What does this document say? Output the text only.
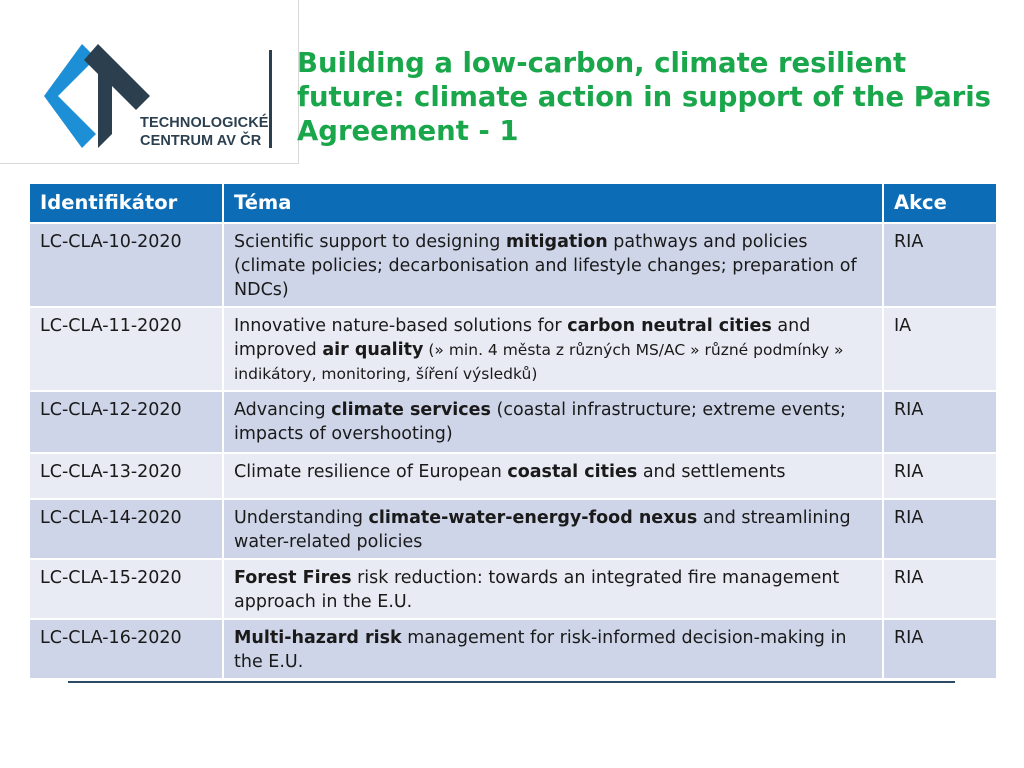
TECHNOLOGICKÉ
CENTRUM AV ČR
Building a low-carbon, climate resilient future: climate action in support of the Paris Agreement - 1
Identifikátor	Téma	Akce
LC-CLA-10-2020	Scientific support to designing mitigation pathways and policies (climate policies; decarbonisation and lifestyle changes; preparation of NDCs)	RIA
LC-CLA-11-2020	Innovative nature-based solutions for carbon neutral cities and improved air quality (» min. 4 města z různých MS/AC » různé podmínky » indikátory, monitoring, šíření výsledků)	IA
LC-CLA-12-2020	Advancing climate services (coastal infrastructure; extreme events; impacts of overshooting)	RIA
LC-CLA-13-2020	Climate resilience of European coastal cities and settlements	RIA
LC-CLA-14-2020	Understanding climate-water-energy-food nexus and streamlining water-related policies	RIA
LC-CLA-15-2020	Forest Fires risk reduction: towards an integrated fire management approach in the E.U.	RIA
LC-CLA-16-2020	Multi-hazard risk management for risk-informed decision-making in the E.U.	RIA
